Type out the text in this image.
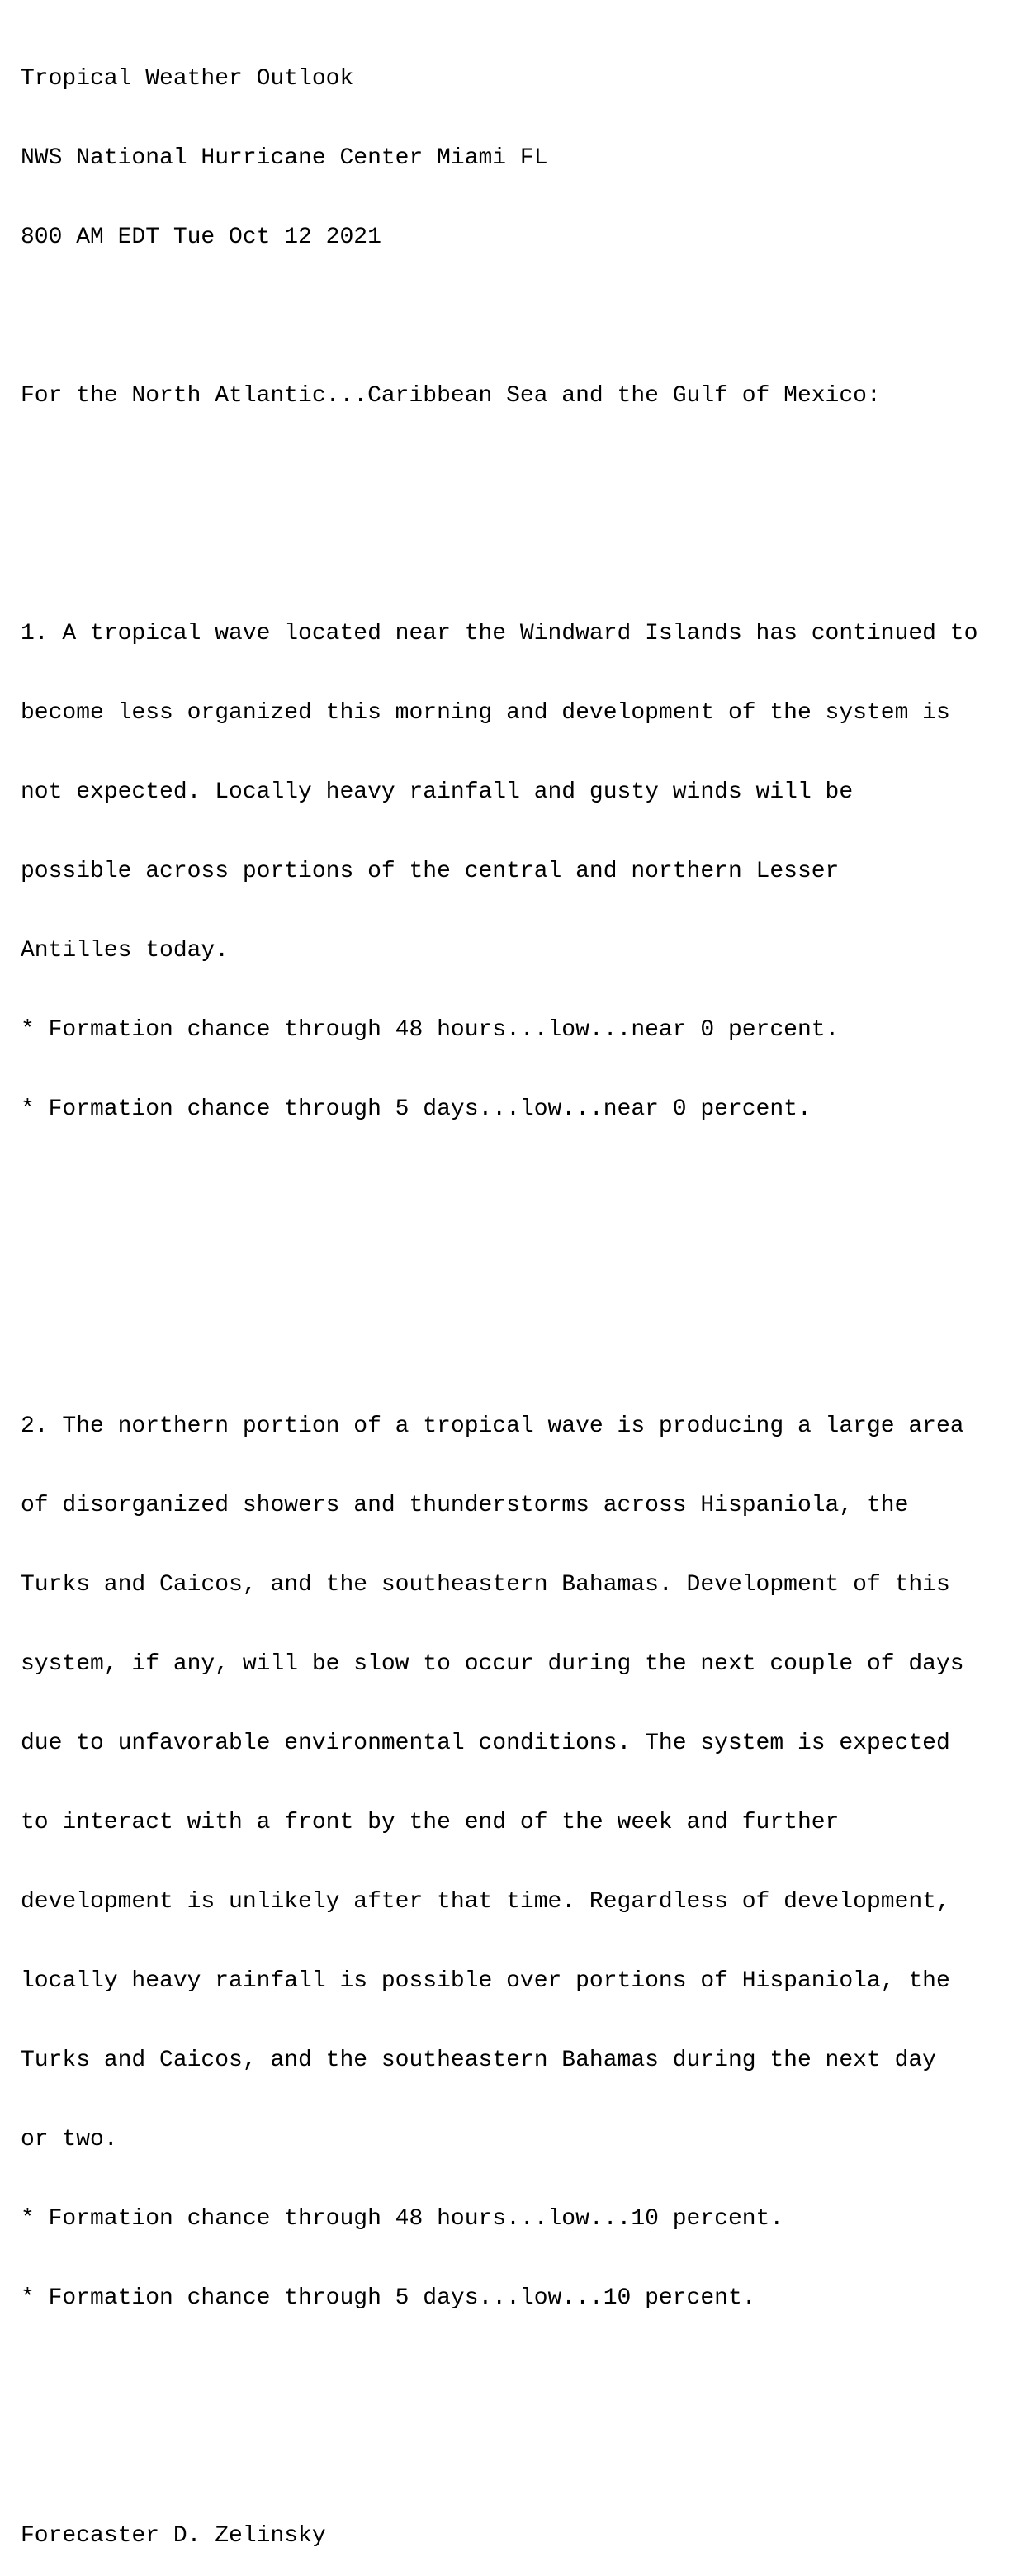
Tropical Weather Outlook

NWS National Hurricane Center Miami FL

800 AM EDT Tue Oct 12 2021

For the North Atlantic...Caribbean Sea and the Gulf of Mexico:

1. A tropical wave located near the Windward Islands has continued to

become less organized this morning and development of the system is

not expected. Locally heavy rainfall and gusty winds will be

possible across portions of the central and northern Lesser

Antilles today.

* Formation chance through 48 hours...low...near 0 percent.

* Formation chance through 5 days...low...near 0 percent.

2. The northern portion of a tropical wave is producing a large area

of disorganized showers and thunderstorms across Hispaniola, the

Turks and Caicos, and the southeastern Bahamas. Development of this

system, if any, will be slow to occur during the next couple of days

due to unfavorable environmental conditions. The system is expected

to interact with a front by the end of the week and further

development is unlikely after that time. Regardless of development,

locally heavy rainfall is possible over portions of Hispaniola, the

Turks and Caicos, and the southeastern Bahamas during the next day

or two.

* Formation chance through 48 hours...low...10 percent.

* Formation chance through 5 days...low...10 percent.

Forecaster D. Zelinsky
